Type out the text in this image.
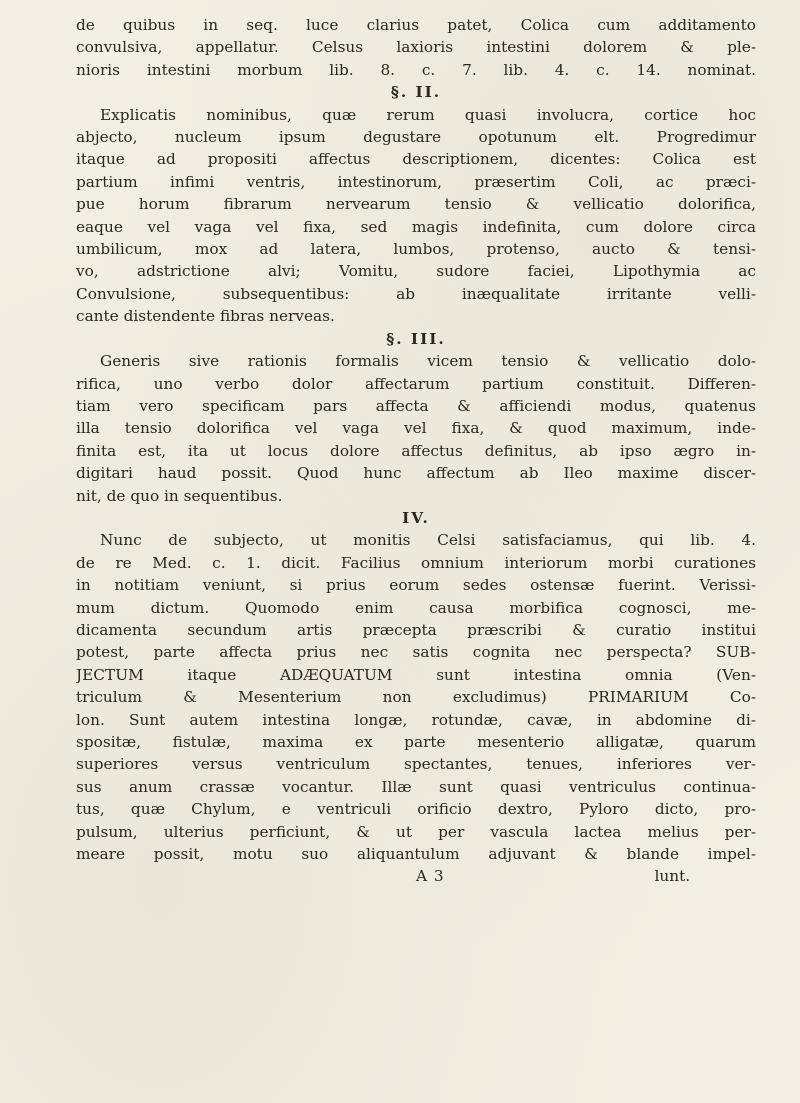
de quibus in seq. luce clarius patet, Colica cum additamento
convulsiva, appellatur. Celsus laxioris intestini dolorem & ple-
nioris intestini morbum lib. 8. c. 7. lib. 4. c. 14. nominat.
§. II.
Explicatis nominibus, quæ rerum quasi involucra, cortice hoc
abjecto, nucleum ipsum degustare opotunum elt. Progredimur
itaque ad propositi affectus descriptionem, dicentes: Colica est
partium infimi ventris, intestinorum, præsertim Coli, ac præci-
pue horum fibrarum nervearum tensio & vellicatio dolorifica,
eaque vel vaga vel fixa, sed magis indefinita, cum dolore circa
umbilicum, mox ad latera, lumbos, protenso, aucto & tensi-
vo, adstrictione alvi; Vomitu, sudore faciei, Lipothymia ac
Convulsione, subsequentibus: ab inæqualitate irritante velli-
cante distendente fibras nerveas.
§. III.
Generis sive rationis formalis vicem tensio & vellicatio dolo-
rifica, uno verbo dolor affectarum partium constituit. Differen-
tiam vero specificam pars affecta & afficiendi modus, quatenus
illa tensio dolorifica vel vaga vel fixa, & quod maximum, inde-
finita est, ita ut locus dolore affectus definitus, ab ipso ægro in-
digitari haud possit. Quod hunc affectum ab Ileo maxime discer-
nit, de quo in sequentibus.
IV.
Nunc de subjecto, ut monitis Celsi satisfaciamus, qui lib. 4.
de re Med. c. 1. dicit. Facilius omnium interiorum morbi curationes
in notitiam veniunt, si prius eorum sedes ostensæ fuerint. Verissi-
mum dictum. Quomodo enim causa morbifica cognosci, me-
dicamenta secundum artis præcepta præscribi & curatio institui
potest, parte affecta prius nec satis cognita nec perspecta? SUB-
JECTUM itaque ADÆQUATUM sunt intestina omnia (Ven-
triculum & Mesenterium non excludimus) PRIMARIUM Co-
lon. Sunt autem intestina longæ, rotundæ, cavæ, in abdomine di-
spositæ, fistulæ, maxima ex parte mesenterio alligatæ, quarum
superiores versus ventriculum spectantes, tenues, inferiores ver-
sus anum crassæ vocantur. Illæ sunt quasi ventriculus continua-
tus, quæ Chylum, e ventriculi orificio dextro, Pyloro dicto, pro-
pulsum, ulterius perficiunt, & ut per vascula lactea melius per-
meare possit, motu suo aliquantulum adjuvant & blande impel-
A 3	lunt.
